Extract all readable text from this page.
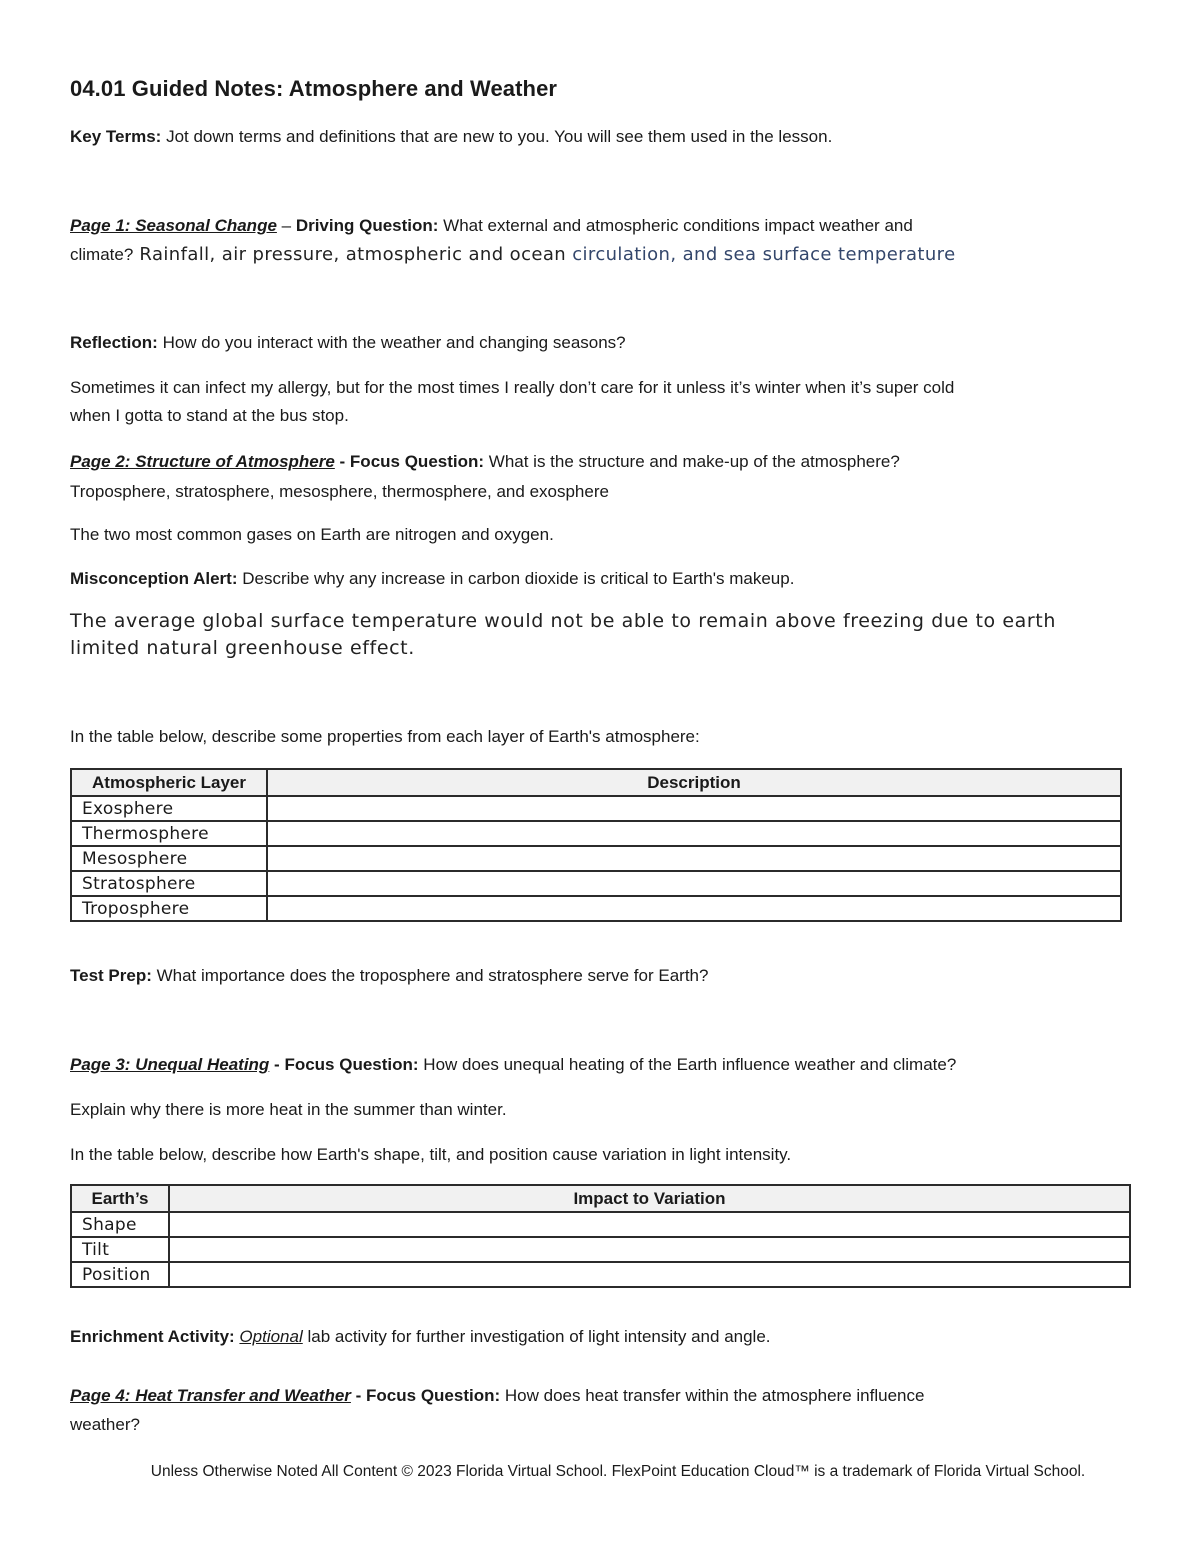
04.01 Guided Notes: Atmosphere and Weather
Key Terms: Jot down terms and definitions that are new to you. You will see them used in the lesson.
Page 1: Seasonal Change – Driving Question: What external and atmospheric conditions impact weather and
climate? Rainfall, air pressure, atmospheric and ocean circulation, and sea surface temperature
Reflection: How do you interact with the weather and changing seasons?
Sometimes it can infect my allergy, but for the most times I really don’t care for it unless it’s winter when it’s super cold
when I gotta to stand at the bus stop.
Page 2: Structure of Atmosphere - Focus Question: What is the structure and make-up of the atmosphere?
Troposphere, stratosphere, mesosphere, thermosphere, and exosphere
The two most common gases on Earth are nitrogen and oxygen.
Misconception Alert: Describe why any increase in carbon dioxide is critical to Earth's makeup.
The average global surface temperature would not be able to remain above freezing due to earth limited natural greenhouse effect.
In the table below, describe some properties from each layer of Earth's atmosphere:
Atmospheric Layer	Description
Exosphere	
Thermosphere	
Mesosphere	
Stratosphere	
Troposphere	
Test Prep: What importance does the troposphere and stratosphere serve for Earth?
Page 3: Unequal Heating - Focus Question: How does unequal heating of the Earth influence weather and climate?
Explain why there is more heat in the summer than winter.
In the table below, describe how Earth's shape, tilt, and position cause variation in light intensity.
Earth’s	Impact to Variation
Shape	
Tilt	
Position	
Enrichment Activity: Optional lab activity for further investigation of light intensity and angle.
Page 4: Heat Transfer and Weather - Focus Question: How does heat transfer within the atmosphere influence
weather?
Unless Otherwise Noted All Content © 2023 Florida Virtual School. FlexPoint Education Cloud™ is a trademark of Florida Virtual School.
